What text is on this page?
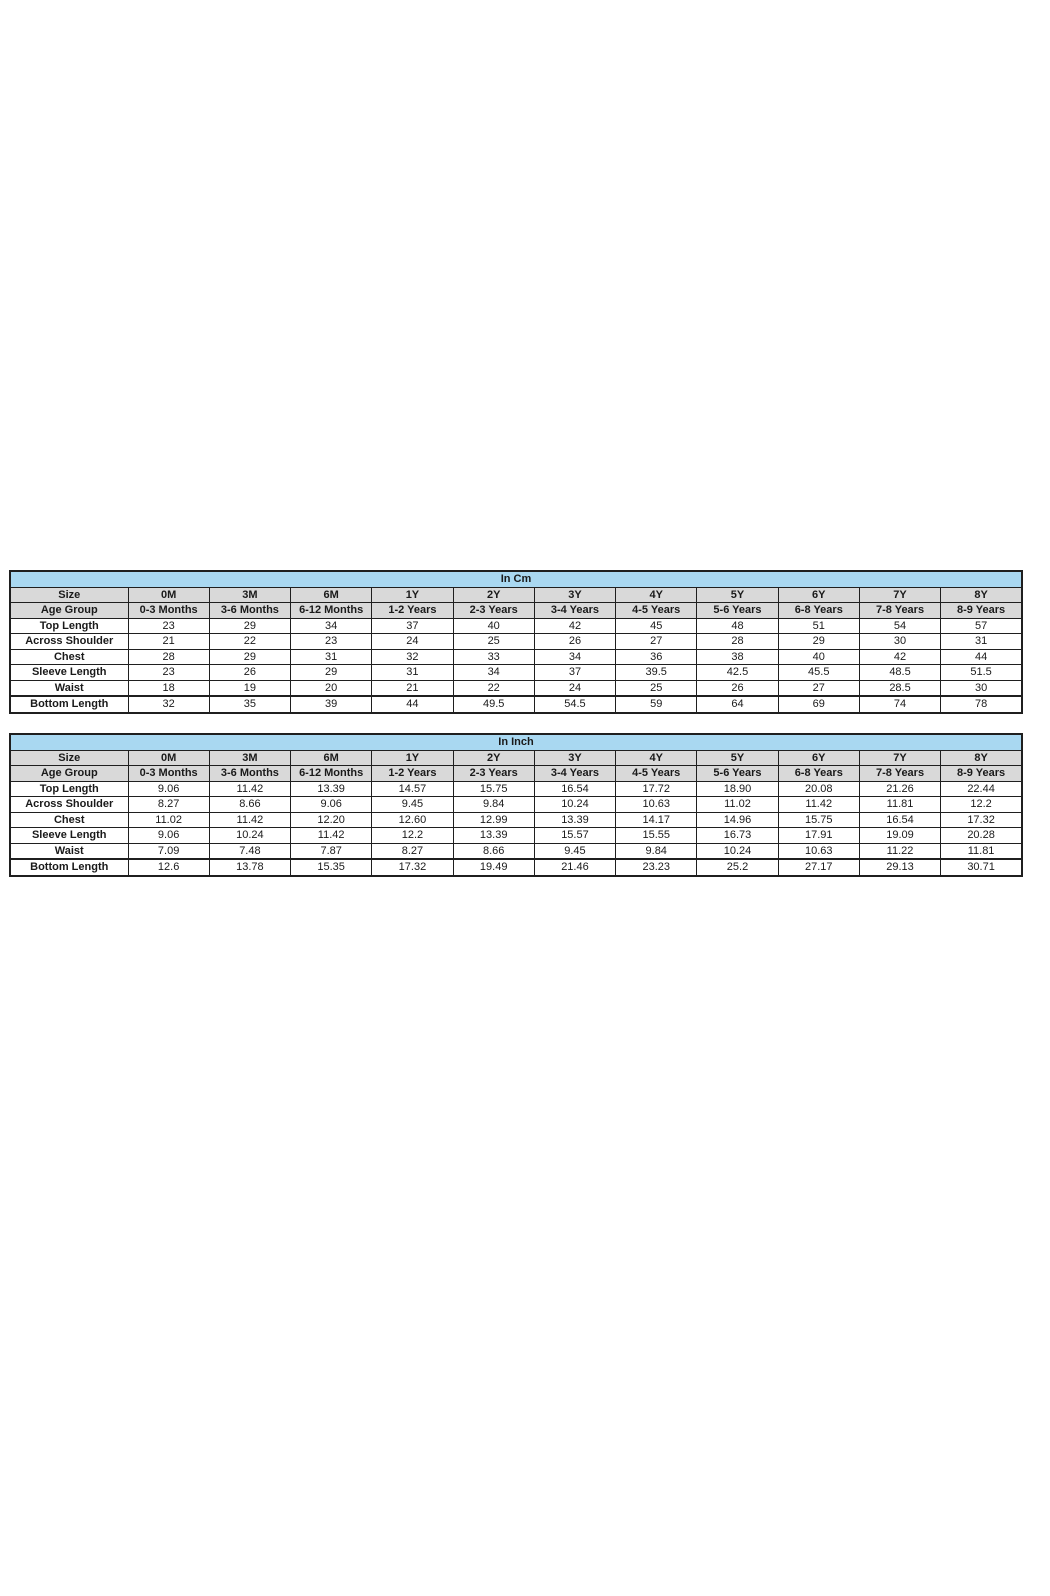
In Cm											
Size	0M	3M	6M	1Y	2Y	3Y	4Y	5Y	6Y	7Y	8Y
Age Group	0-3 Months	3-6 Months	6-12 Months	1-2 Years	2-3 Years	3-4 Years	4-5 Years	5-6 Years	6-8 Years	7-8 Years	8-9 Years
Top Length	23	29	34	37	40	42	45	48	51	54	57
Across Shoulder	21	22	23	24	25	26	27	28	29	30	31
Chest	28	29	31	32	33	34	36	38	40	42	44
Sleeve Length	23	26	29	31	34	37	39.5	42.5	45.5	48.5	51.5
Waist	18	19	20	21	22	24	25	26	27	28.5	30
Bottom Length	32	35	39	44	49.5	54.5	59	64	69	74	78
In Inch											
Size	0M	3M	6M	1Y	2Y	3Y	4Y	5Y	6Y	7Y	8Y
Age Group	0-3 Months	3-6 Months	6-12 Months	1-2 Years	2-3 Years	3-4 Years	4-5 Years	5-6 Years	6-8 Years	7-8 Years	8-9 Years
Top Length	9.06	11.42	13.39	14.57	15.75	16.54	17.72	18.90	20.08	21.26	22.44
Across Shoulder	8.27	8.66	9.06	9.45	9.84	10.24	10.63	11.02	11.42	11.81	12.2
Chest	11.02	11.42	12.20	12.60	12.99	13.39	14.17	14.96	15.75	16.54	17.32
Sleeve Length	9.06	10.24	11.42	12.2	13.39	15.57	15.55	16.73	17.91	19.09	20.28
Waist	7.09	7.48	7.87	8.27	8.66	9.45	9.84	10.24	10.63	11.22	11.81
Bottom Length	12.6	13.78	15.35	17.32	19.49	21.46	23.23	25.2	27.17	29.13	30.71
